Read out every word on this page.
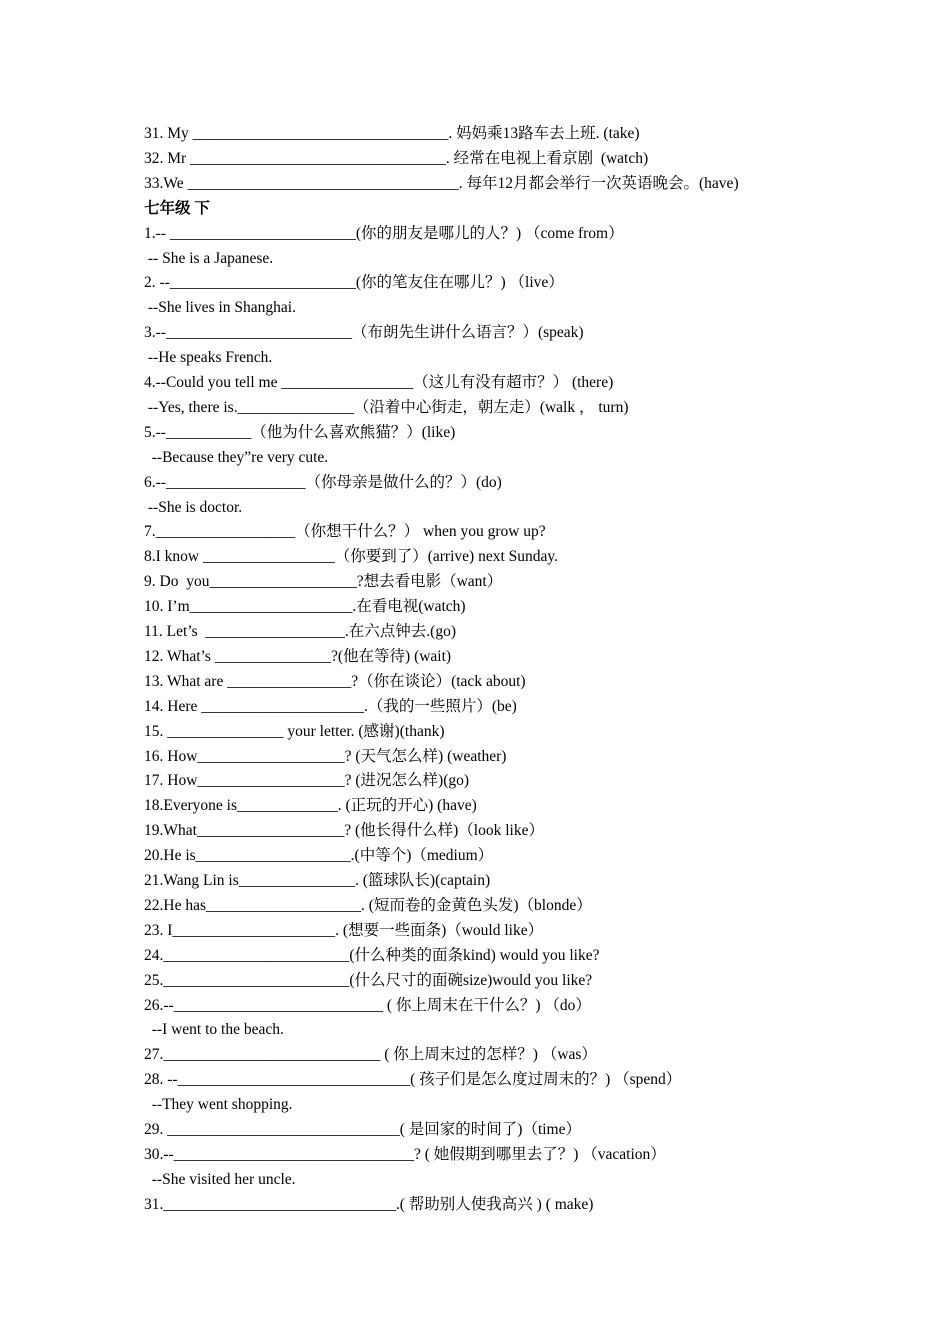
31. My _________________________________. 妈妈乘13路车去上班. (take)
32. Mr _________________________________. 经常在电视上看京剧  (watch)
33.We ___________________________________. 每年12月都会举行一次英语晚会。(have)
七年级 下
1.-- ________________________(你的朋友是哪儿的人？) （come from）
-- She is a Japanese.
2. --________________________(你的笔友住在哪儿？) （live）
--She lives in Shanghai.
3.--________________________（布朗先生讲什么语言？）(speak)
--He speaks French.
4.--Could you tell me _________________（这儿有没有超市？） (there)
--Yes, there is._______________（沿着中心街走，朝左走）(walk ， turn)
5.--___________（他为什么喜欢熊猫？）(like)
--Because they”re very cute.
6.--__________________（你母亲是做什么的？）(do)
--She is doctor.
7.__________________（你想干什么？） when you grow up?
8.I know _________________（你要到了）(arrive) next Sunday.
9. Do  you___________________?想去看电影（want）
10. I’m_____________________.在看电视(watch)
11. Let’s  __________________.在六点钟去.(go)
12. What’s _______________?(他在等待) (wait)
13. What are ________________?（你在谈论）(tack about)
14. Here _____________________.（我的一些照片）(be)
15. _______________ your letter. (感谢)(thank)
16. How___________________? (天气怎么样) (weather)
17. How___________________? (进况怎么样)(go)
18.Everyone is_____________. (正玩的开心) (have)
19.What___________________? (他长得什么样)（look like）
20.He is____________________.(中等个)（medium）
21.Wang Lin is_______________. (篮球队长)(captain)
22.He has____________________. (短而卷的金黄色头发)（blonde）
23. I_____________________. (想要一些面条)（would like）
24.________________________(什么种类的面条kind) would you like?
25.________________________(什么尺寸的面碗size)would you like?
26.--___________________________ ( 你上周末在干什么？) （do）
--I went to the beach.
27.____________________________ ( 你上周末过的怎样？) （was）
28. --______________________________( 孩子们是怎么度过周末的？) （spend）
--They went shopping.
29. ______________________________( 是回家的时间了)（time）
30.--_______________________________? ( 她假期到哪里去了？) （vacation）
--She visited her uncle.
31.______________________________.( 帮助别人使我高兴 ) ( make)
